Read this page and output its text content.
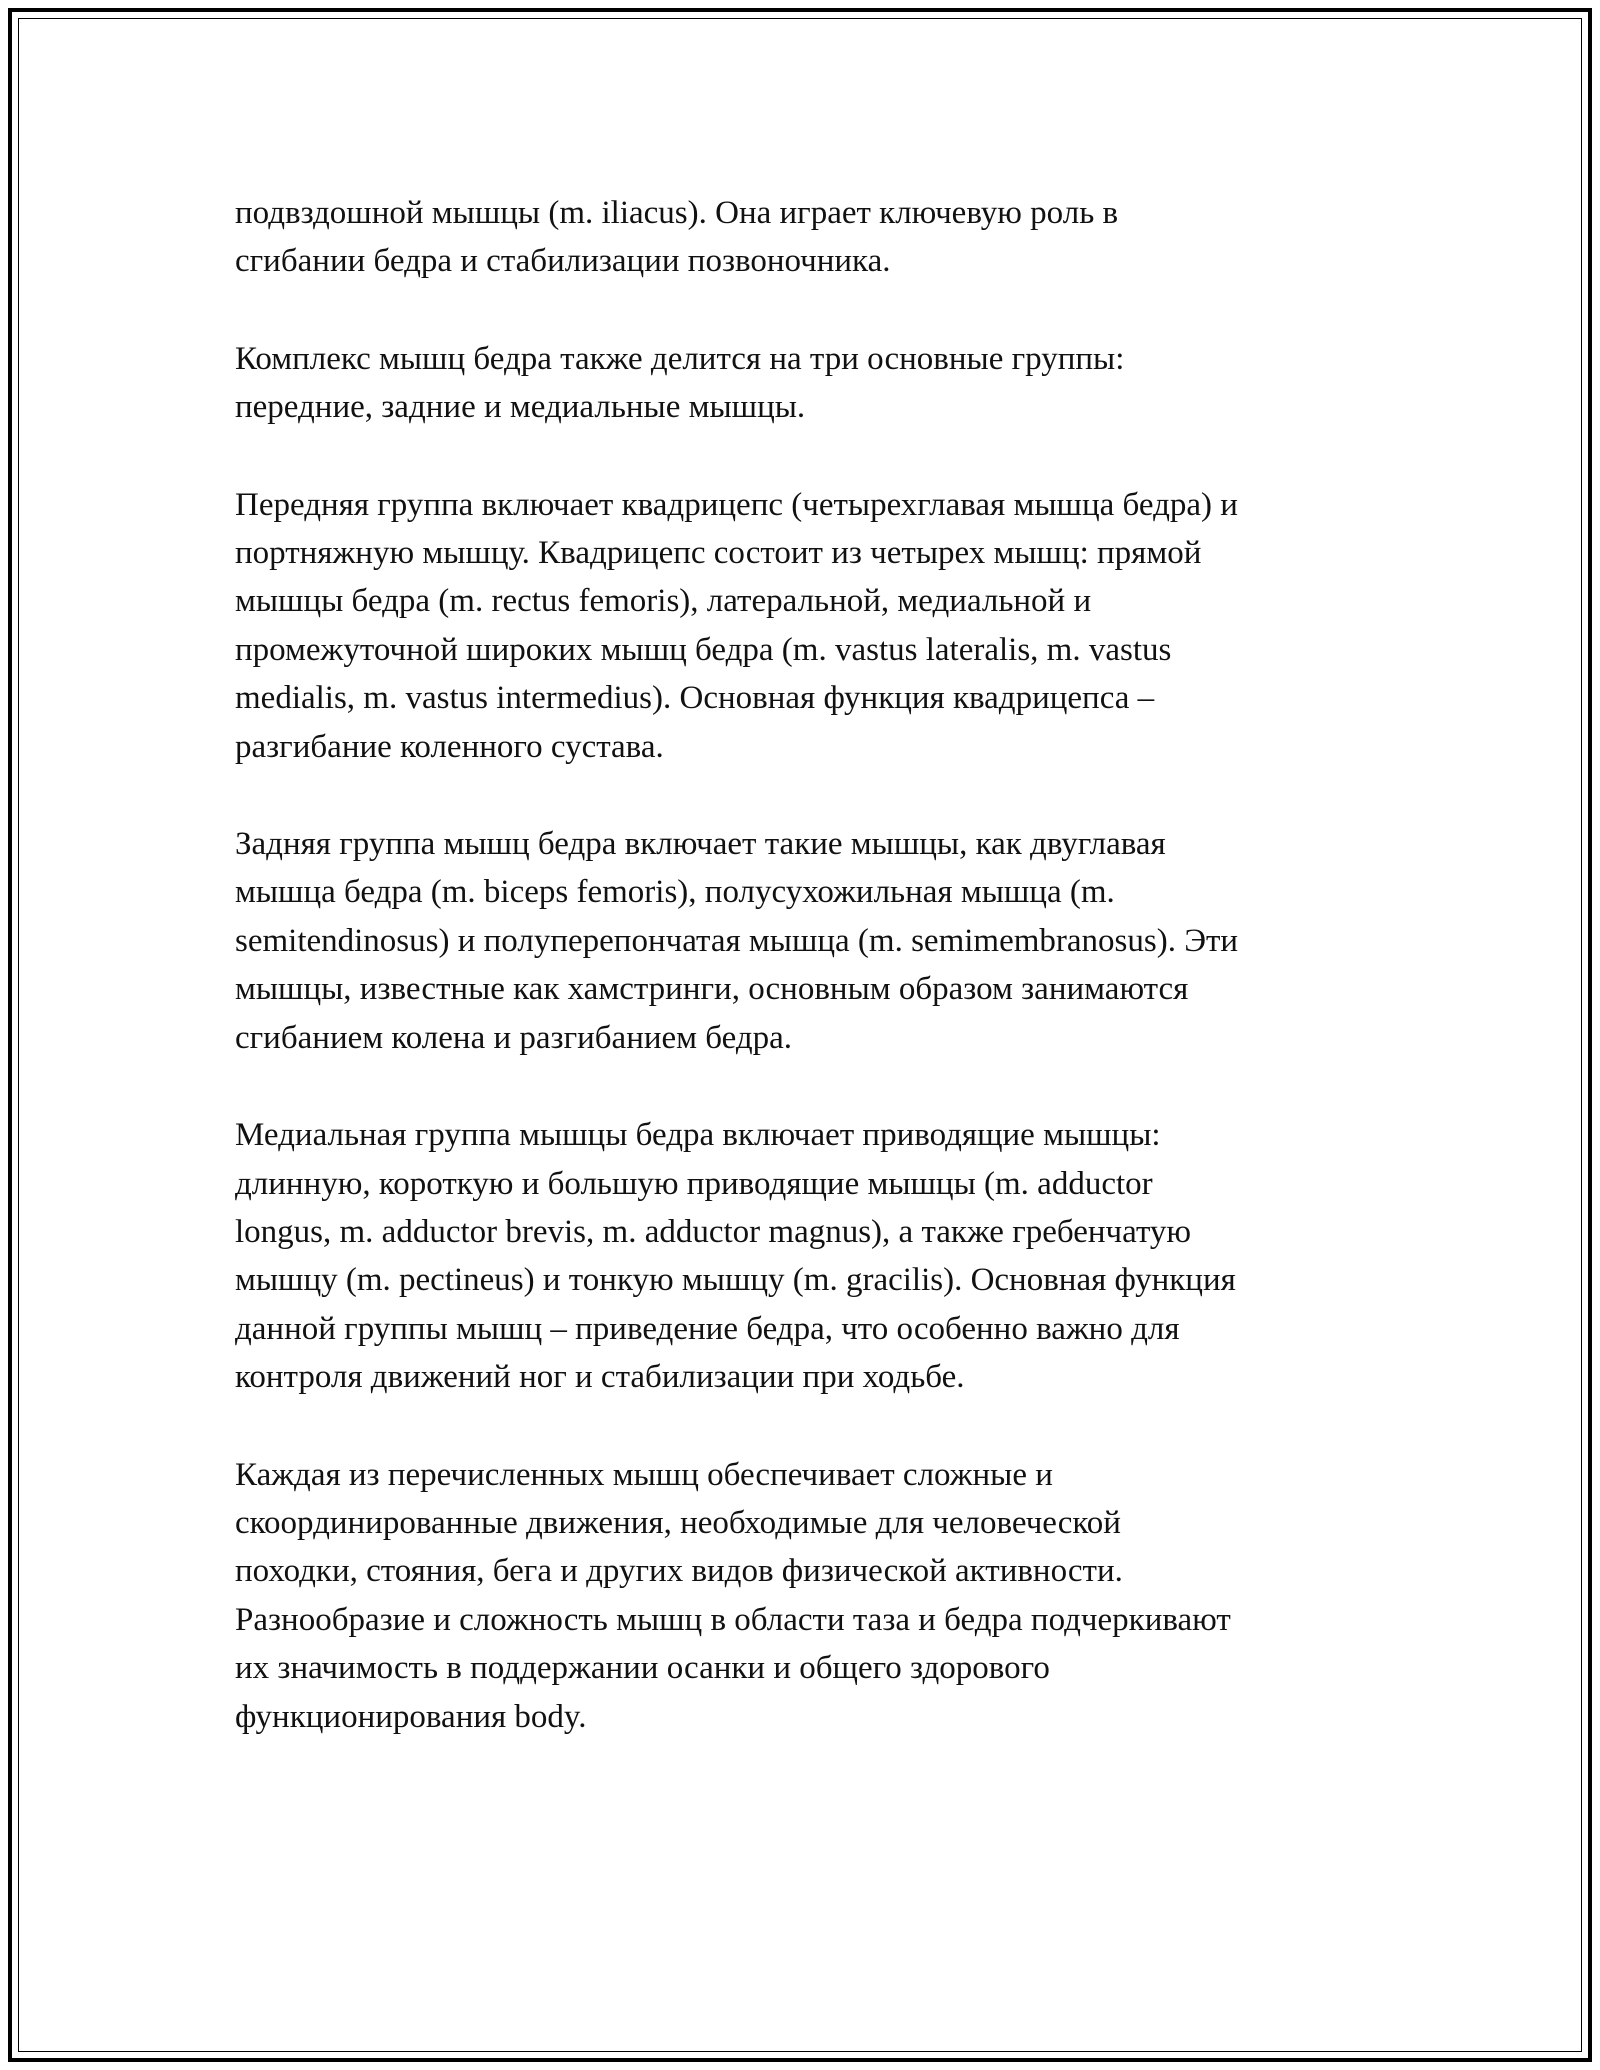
подвздошной мышцы (m. iliacus). Она играет ключевую роль в
сгибании бедра и стабилизации позвоночника.

Комплекс мышц бедра также делится на три основные группы:
передние, задние и медиальные мышцы.

Передняя группа включает квадрицепс (четырехглавая мышца бедра) и
портняжную мышцу. Квадрицепс состоит из четырех мышц: прямой
мышцы бедра (m. rectus femoris), латеральной, медиальной и
промежуточной широких мышц бедра (m. vastus lateralis, m. vastus
medialis, m. vastus intermedius). Основная функция квадрицепса –
разгибание коленного сустава.

Задняя группа мышц бедра включает такие мышцы, как двуглавая
мышца бедра (m. biceps femoris), полусухожильная мышца (m.
semitendinosus) и полуперепончатая мышца (m. semimembranosus). Эти
мышцы, известные как хамстринги, основным образом занимаются
сгибанием колена и разгибанием бедра.

Медиальная группа мышцы бедра включает приводящие мышцы:
длинную, короткую и большую приводящие мышцы (m. adductor
longus, m. adductor brevis, m. adductor magnus), а также гребенчатую
мышцу (m. pectineus) и тонкую мышцу (m. gracilis). Основная функция
данной группы мышц – приведение бедра, что особенно важно для
контроля движений ног и стабилизации при ходьбе.

Каждая из перечисленных мышц обеспечивает сложные и
скоординированные движения, необходимые для человеческой
походки, стояния, бега и других видов физической активности.
Разнообразие и сложность мышц в области таза и бедра подчеркивают
их значимость в поддержании осанки и общего здорового
функционирования body.
